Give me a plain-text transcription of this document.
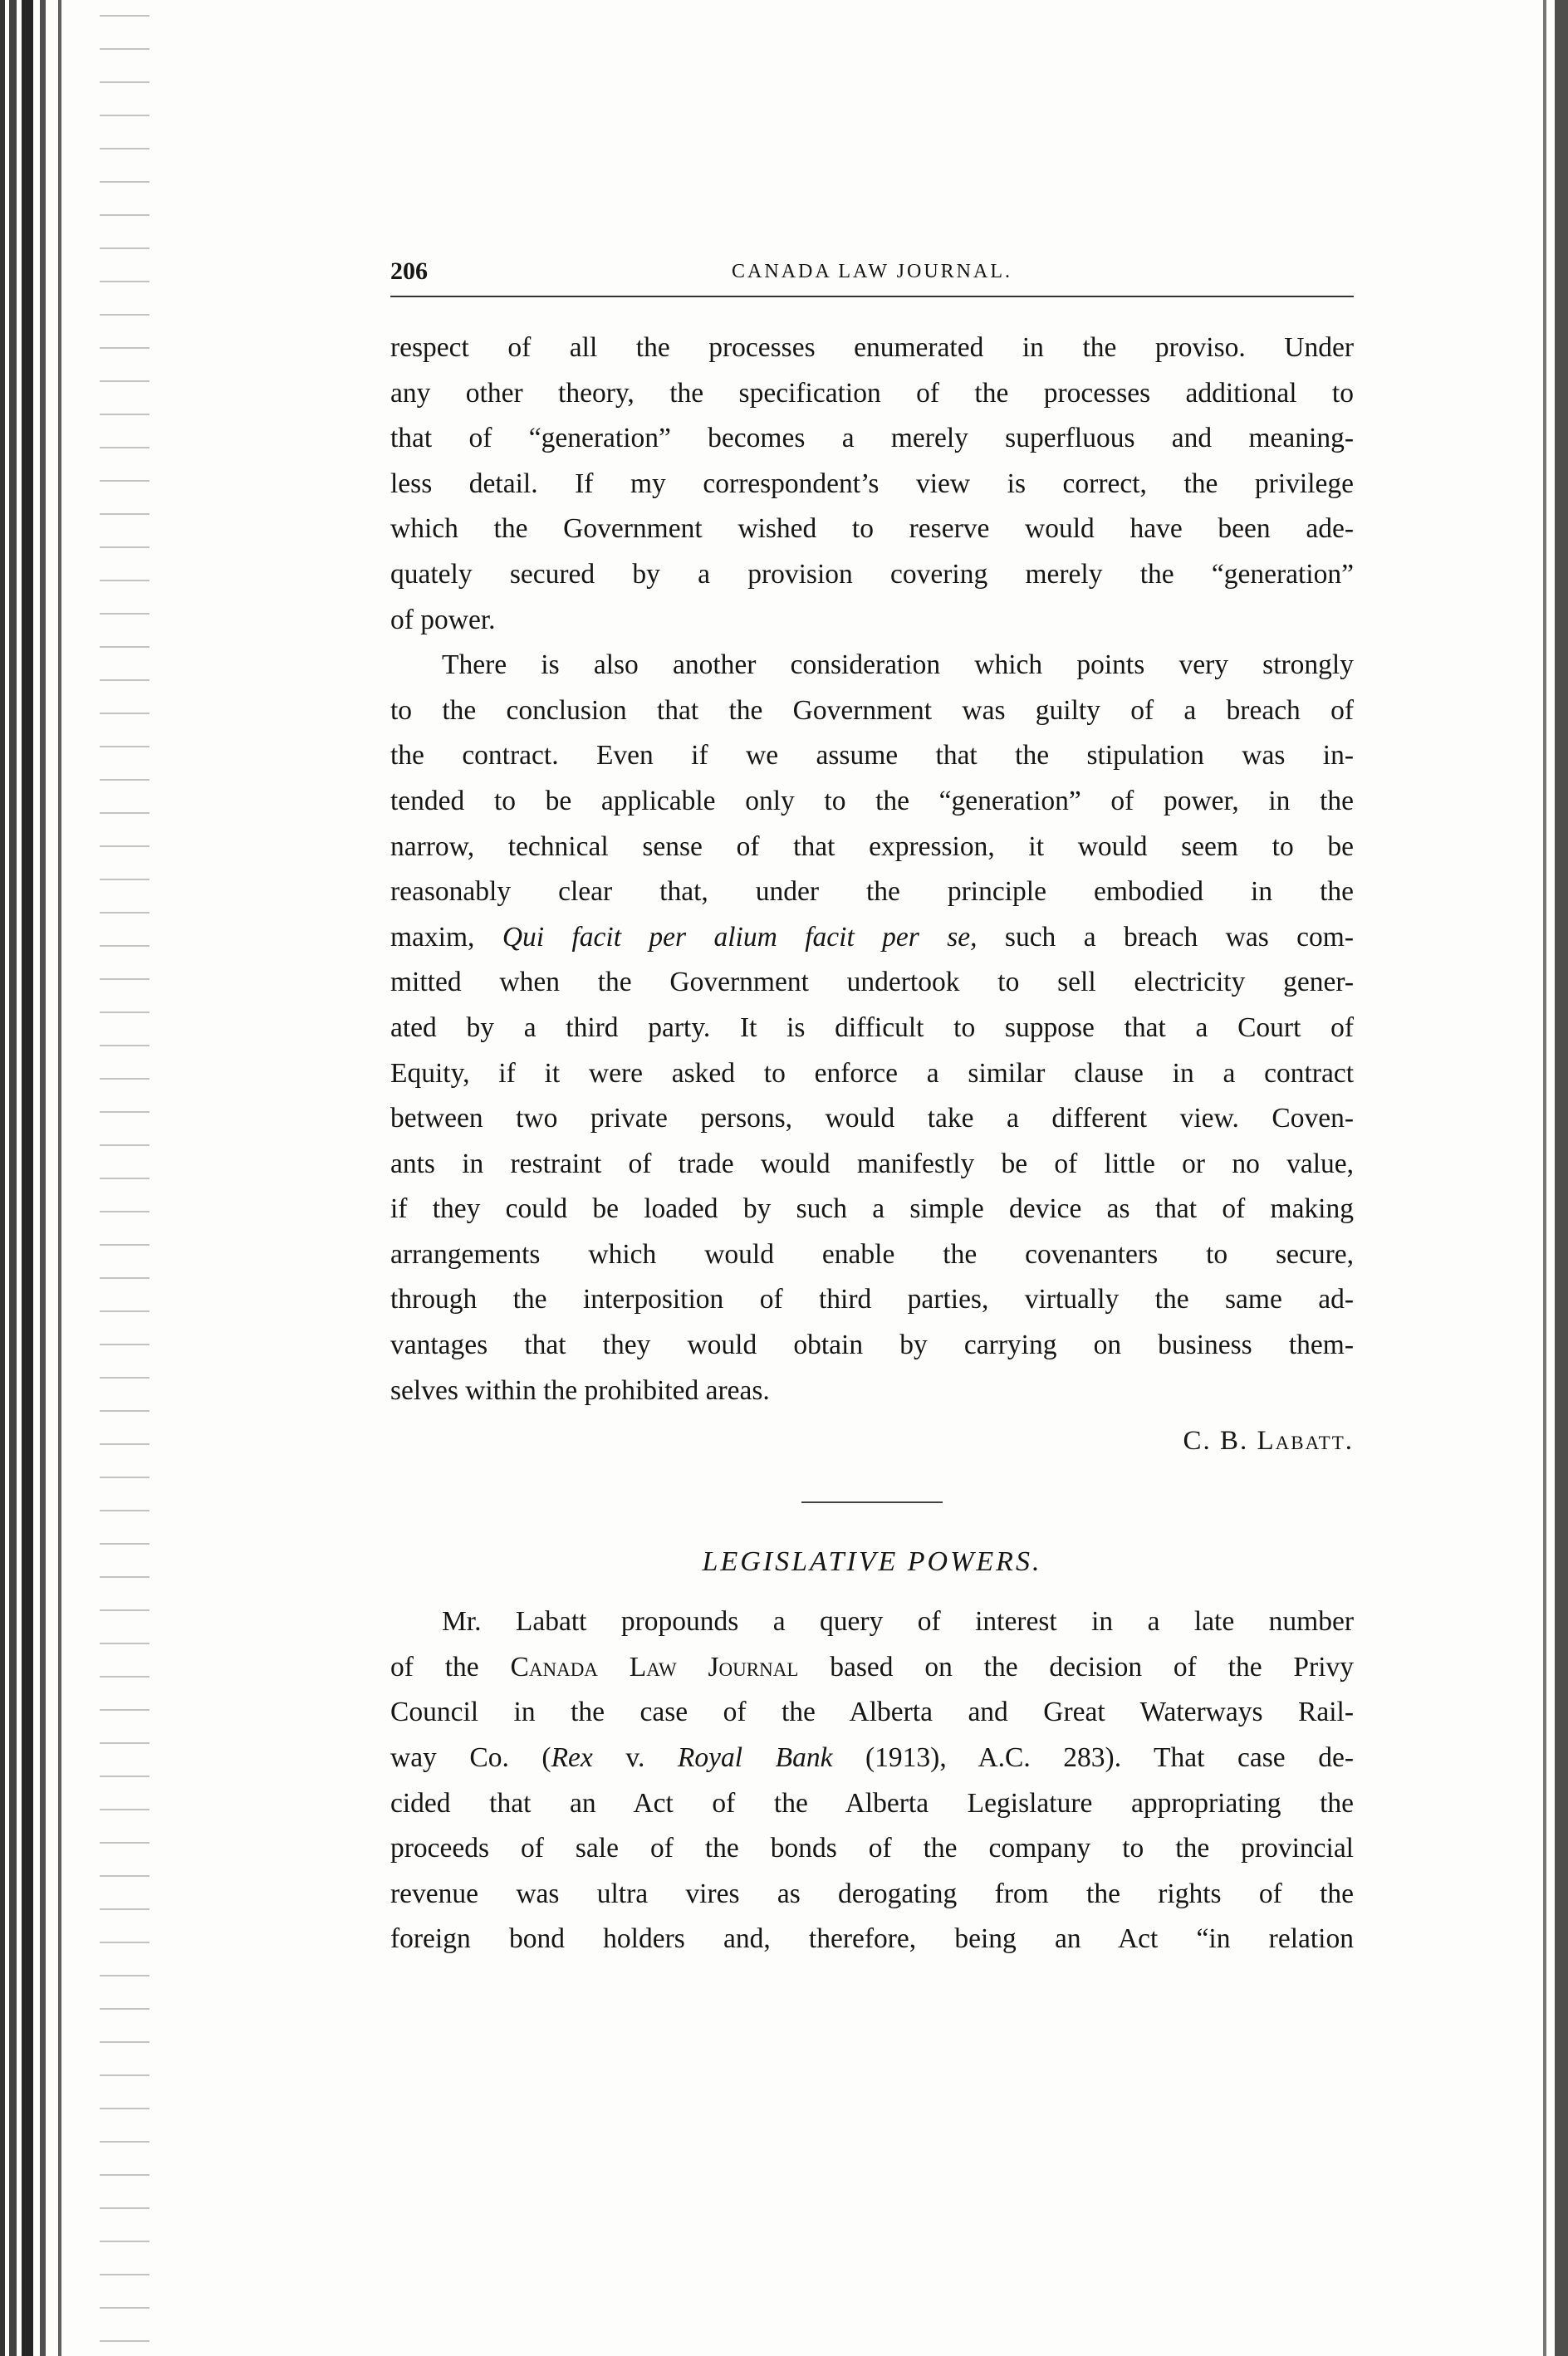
206	CANADA LAW JOURNAL.

respect of all the processes enumerated in the proviso. Under
any other theory, the specification of the processes additional to
that of “generation” becomes a merely superfluous and meaning-
less detail. If my correspondent’s view is correct, the privilege
which the Government wished to reserve would have been ade-
quately secured by a provision covering merely the “generation”
of power.

There is also another consideration which points very strongly
to the conclusion that the Government was guilty of a breach of
the contract. Even if we assume that the stipulation was in-
tended to be applicable only to the “generation” of power, in the
narrow, technical sense of that expression, it would seem to be
reasonably clear that, under the principle embodied in the
maxim, Qui facit per alium facit per se, such a breach was com-
mitted when the Government undertook to sell electricity gener-
ated by a third party. It is difficult to suppose that a Court of
Equity, if it were asked to enforce a similar clause in a contract
between two private persons, would take a different view. Coven-
ants in restraint of trade would manifestly be of little or no value,
if they could be loaded by such a simple device as that of making
arrangements which would enable the covenanters to secure,
through the interposition of third parties, virtually the same ad-
vantages that they would obtain by carrying on business them-
selves within the prohibited areas.

C. B. Labatt.
LEGISLATIVE POWERS.

Mr. Labatt propounds a query of interest in a late number
of the Canada Law Journal based on the decision of the Privy
Council in the case of the Alberta and Great Waterways Rail-
way Co. (Rex v. Royal Bank (1913), A.C. 283). That case de-
cided that an Act of the Alberta Legislature appropriating the
proceeds of sale of the bonds of the company to the provincial
revenue was ultra vires as derogating from the rights of the
foreign bond holders and, therefore, being an Act “in relation
